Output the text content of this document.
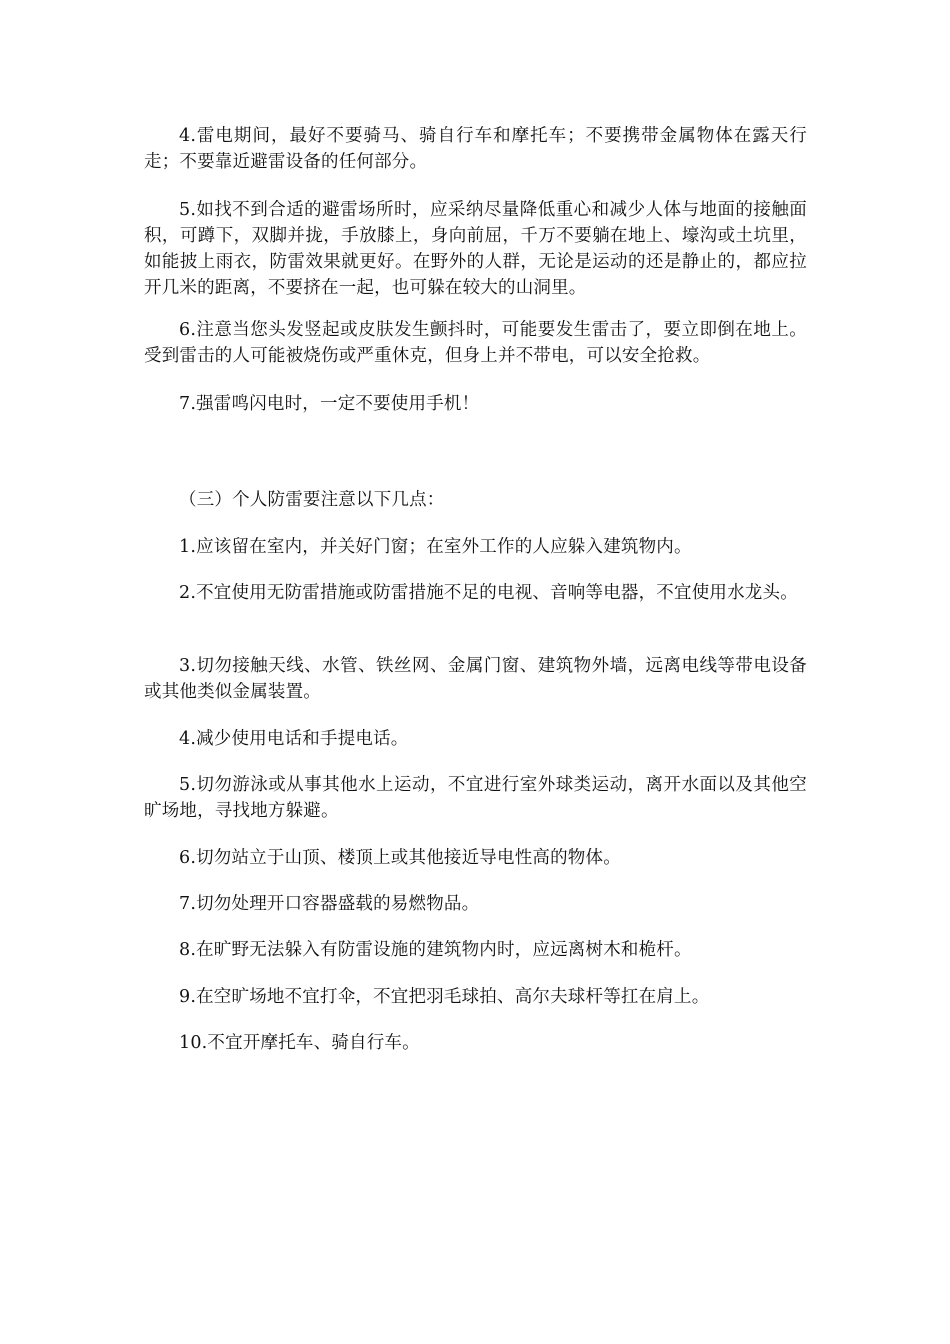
4.雷电期间，最好不要骑马、骑自行车和摩托车；不要携带金属物体在露天行走；不要靠近避雷设备的任何部分。

5.如找不到合适的避雷场所时，应采纳尽量降低重心和减少人体与地面的接触面积，可蹲下，双脚并拢，手放膝上，身向前屈，千万不要躺在地上、壕沟或土坑里，如能披上雨衣，防雷效果就更好。在野外的人群，无论是运动的还是静止的，都应拉开几米的距离，不要挤在一起，也可躲在较大的山洞里。

6.注意当您头发竖起或皮肤发生颤抖时，可能要发生雷击了，要立即倒在地上。受到雷击的人可能被烧伤或严重休克，但身上并不带电，可以安全抢救。

7.强雷鸣闪电时，一定不要使用手机！

（三）个人防雷要注意以下几点：

1.应该留在室内，并关好门窗；在室外工作的人应躲入建筑物内。

2.不宜使用无防雷措施或防雷措施不足的电视、音响等电器，不宜使用水龙头。

3.切勿接触天线、水管、铁丝网、金属门窗、建筑物外墙，远离电线等带电设备或其他类似金属装置。

4.减少使用电话和手提电话。

5.切勿游泳或从事其他水上运动，不宜进行室外球类运动，离开水面以及其他空旷场地，寻找地方躲避。

6.切勿站立于山顶、楼顶上或其他接近导电性高的物体。

7.切勿处理开口容器盛载的易燃物品。

8.在旷野无法躲入有防雷设施的建筑物内时，应远离树木和桅杆。

9.在空旷场地不宜打伞，不宜把羽毛球拍、高尔夫球杆等扛在肩上。

10.不宜开摩托车、骑自行车。
